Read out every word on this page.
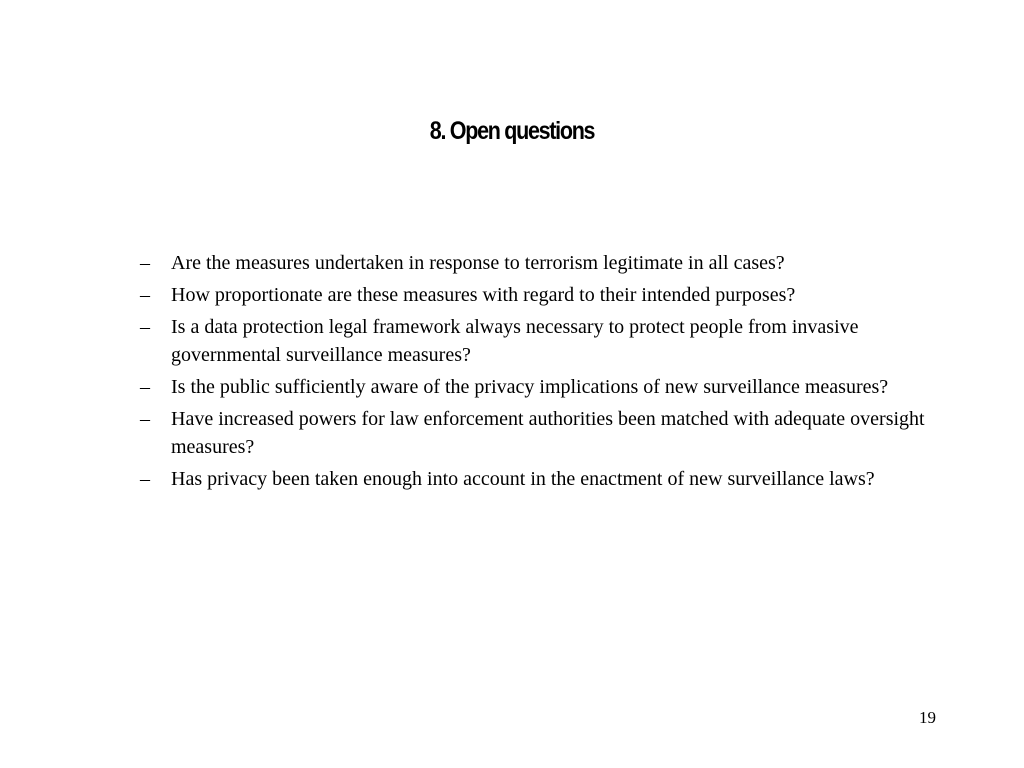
8. Open questions
– Are the measures undertaken in response to terrorism legitimate in all cases?
– How proportionate are these measures with regard to their intended purposes?
– Is a data protection legal framework always necessary to protect people from invasive governmental surveillance measures?
– Is the public sufficiently aware of the privacy implications of new surveillance measures?
– Have increased powers for law enforcement authorities been matched with adequate oversight measures?
– Has privacy been taken enough into account in the enactment of new surveillance laws?
19
